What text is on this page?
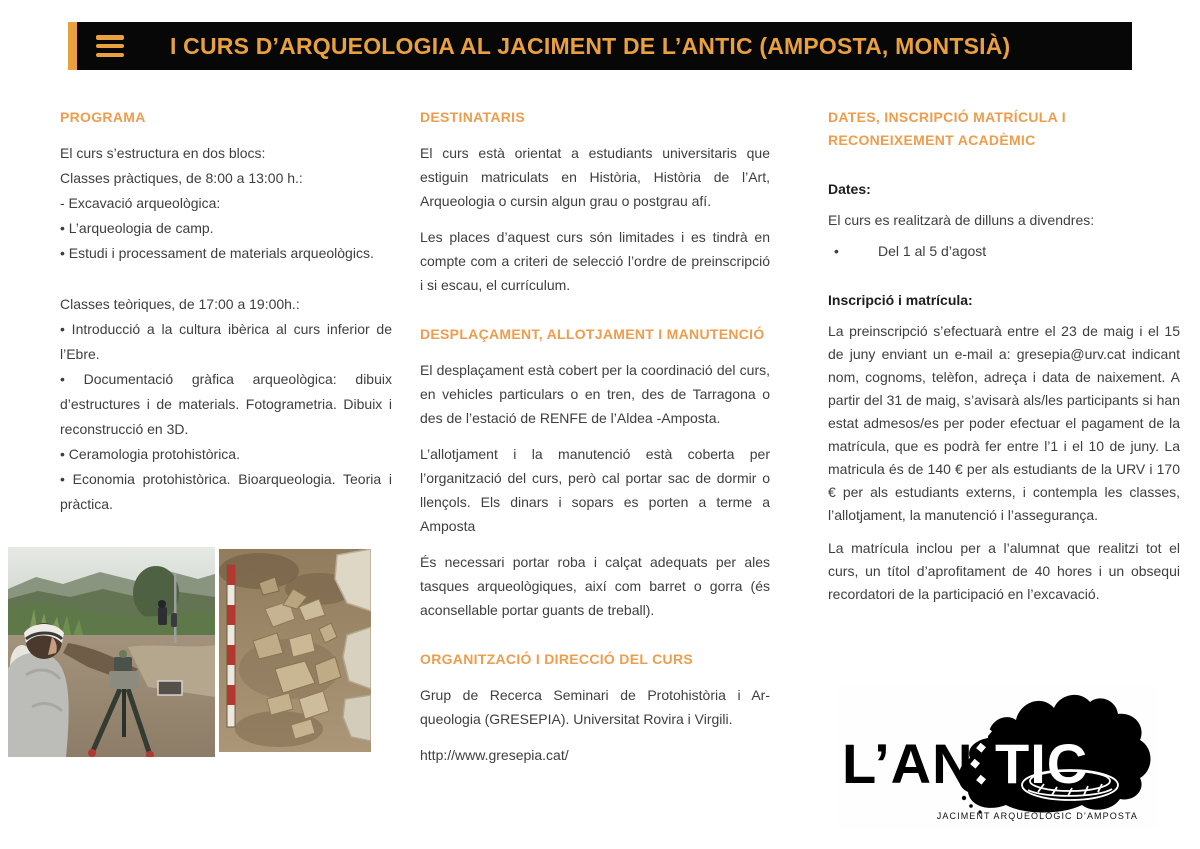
I CURS D’ARQUEOLOGIA AL JACIMENT DE L’ANTIC (AMPOSTA, MONTSIÀ)
PROGRAMA

El curs s’estructura en dos blocs:

Classes pràctiques, de 8:00 a 13:00 h.:

- Excavació arqueològica:

• L’arqueologia de camp.

• Estudi i processament de materials arqueològics.

Classes teòriques, de 17:00 a 19:00h.:

• Introducció a la cultura ibèrica al curs inferior de l’Ebre.

• Documentació gràfica arqueològica: dibuix d’estructures i de materials. Fotogrametria. Dibuix i reconstrucció en 3D.

• Ceramologia protohistòrica.

• Economia protohistòrica. Bioarqueologia. Teoria i pràctica.

DESTINATARIS

El curs està orientat a estudiants universitaris que estiguin matriculats en Història, Història de l’Art, Arqueologia o cursin algun grau o postgrau afí.

Les places d’aquest curs són limitades i es tindrà en compte com a criteri de selecció l’ordre de preinscripció i si escau, el currículum.

DESPLAÇAMENT, ALLOTJAMENT I MANUTENCIÓ

El desplaçament està cobert per la coordinació del curs, en vehicles particulars o en tren, des de Tarragona o des de l’estació de RENFE de l’Aldea -Amposta.

L’allotjament i la manutenció està coberta per l’organització del curs, però cal portar sac de dormir o llençols. Els dinars i sopars es porten a terme a Amposta

És necessari portar roba i calçat adequats per ales tasques arqueològiques, així com barret o gorra (és aconsellable portar guants de treball).

ORGANITZACIÓ I DIRECCIÓ DEL CURS

Grup de Recerca Seminari de Protohistòria i Arqueologia (GRESEPIA). Universitat Rovira i Virgili.

http://www.gresepia.cat/

DATES, INSCRIPCIÓ MATRÍCULA I RECONEIXEMENT ACADÈMIC

Dates:

El curs es realitzarà de dilluns a divendres:

•	Del 1 al 5 d’agost

Inscripció i matrícula:

La preinscripció s’efectuarà entre el 23 de maig i el 15 de juny enviant un e-mail a: gresepia@urv.cat indicant nom, cognoms, telèfon, adreça i data de naixement. A partir del 31 de maig, s’avisarà als/les participants si han estat admesos/es per poder efectuar el pagament de la matrícula, que es podrà fer entre l’1 i el 10 de juny. La matricula és de 140 € per als estudiants de la URV i 170 € per als estudiants externs, i contempla les classes, l’allotjament, la manutenció i l’assegurança.

La matrícula inclou per a l’alumnat que realitzi tot el curs, un títol d’aprofitament de 40 hores i un obsequi recordatori de la participació en l’excavació.

L’AN TIC
JACIMENT ARQUEOLÒGIC D’AMPOSTA
